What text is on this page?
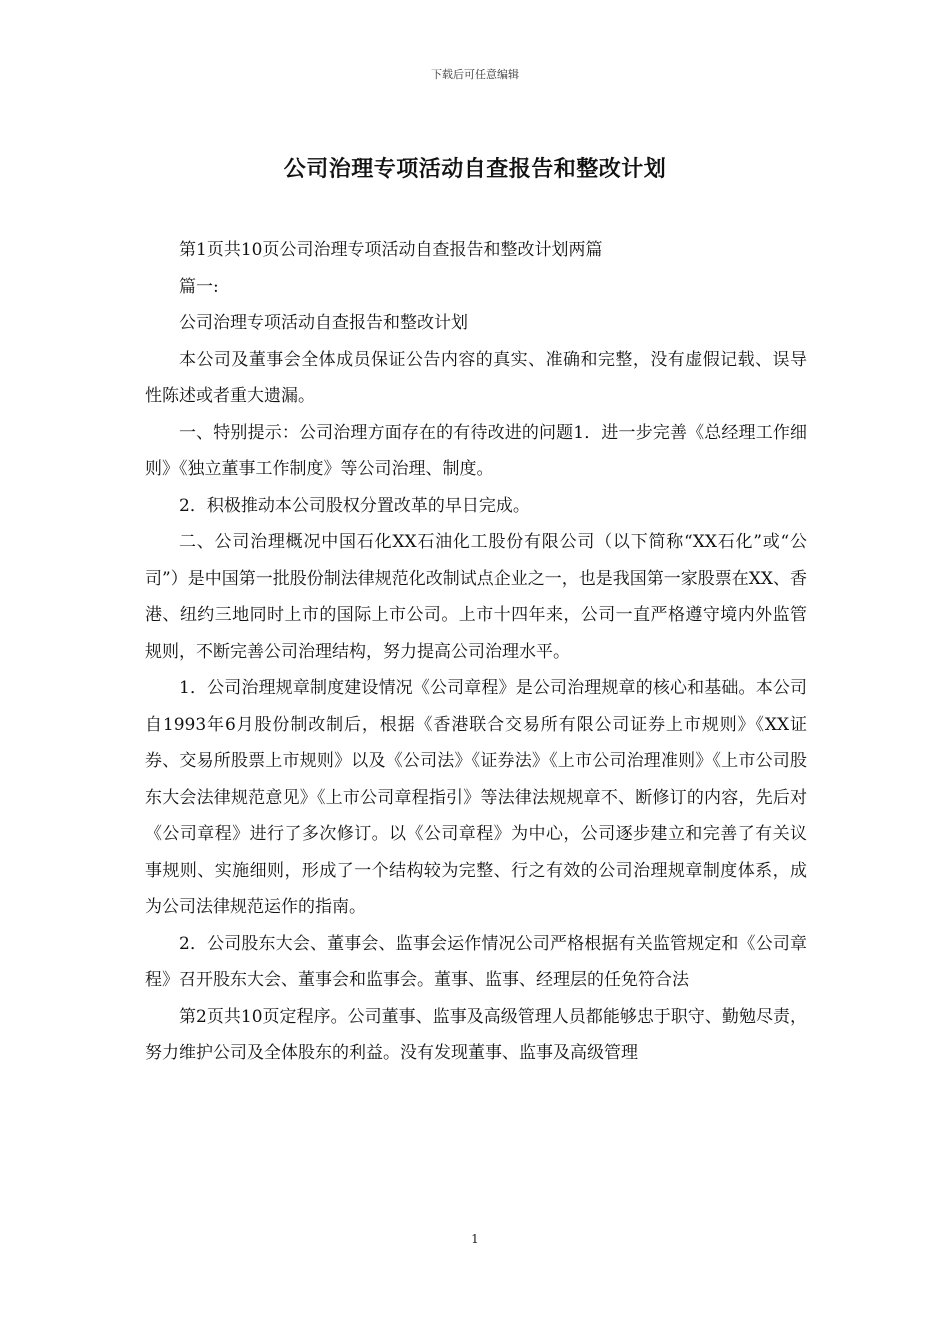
下载后可任意编辑
公司治理专项活动自查报告和整改计划

第1页共10页公司治理专项活动自查报告和整改计划两篇

篇一:

公司治理专项活动自查报告和整改计划

本公司及董事会全体成员保证公告内容的真实、准确和完整，没有虚假记载、误导性陈述或者重大遗漏。

一、特别提示：公司治理方面存在的有待改进的问题1．进一步完善《总经理工作细则》《独立董事工作制度》等公司治理、制度。

2．积极推动本公司股权分置改革的早日完成。

二、公司治理概况中国石化XX石油化工股份有限公司（以下简称“XX石化”或“公司”）是中国第一批股份制法律规范化改制试点企业之一，也是我国第一家股票在XX、香港、纽约三地同时上市的国际上市公司。上市十四年来，公司一直严格遵守境内外监管规则，不断完善公司治理结构，努力提高公司治理水平。

1．公司治理规章制度建设情况《公司章程》是公司治理规章的核心和基础。本公司自1993年6月股份制改制后，根据《香港联合交易所有限公司证券上市规则》《XX证券、交易所股票上市规则》以及《公司法》《证券法》《上市公司治理准则》《上市公司股东大会法律规范意见》《上市公司章程指引》等法律法规规章不、断修订的内容，先后对《公司章程》进行了多次修订。以《公司章程》为中心，公司逐步建立和完善了有关议事规则、实施细则，形成了一个结构较为完整、行之有效的公司治理规章制度体系，成为公司法律规范运作的指南。

2．公司股东大会、董事会、监事会运作情况公司严格根据有关监管规定和《公司章程》召开股东大会、董事会和监事会。董事、监事、经理层的任免符合法

第2页共10页定程序。公司董事、监事及高级管理人员都能够忠于职守、勤勉尽责，努力维护公司及全体股东的利益。没有发现董事、监事及高级管理

1
